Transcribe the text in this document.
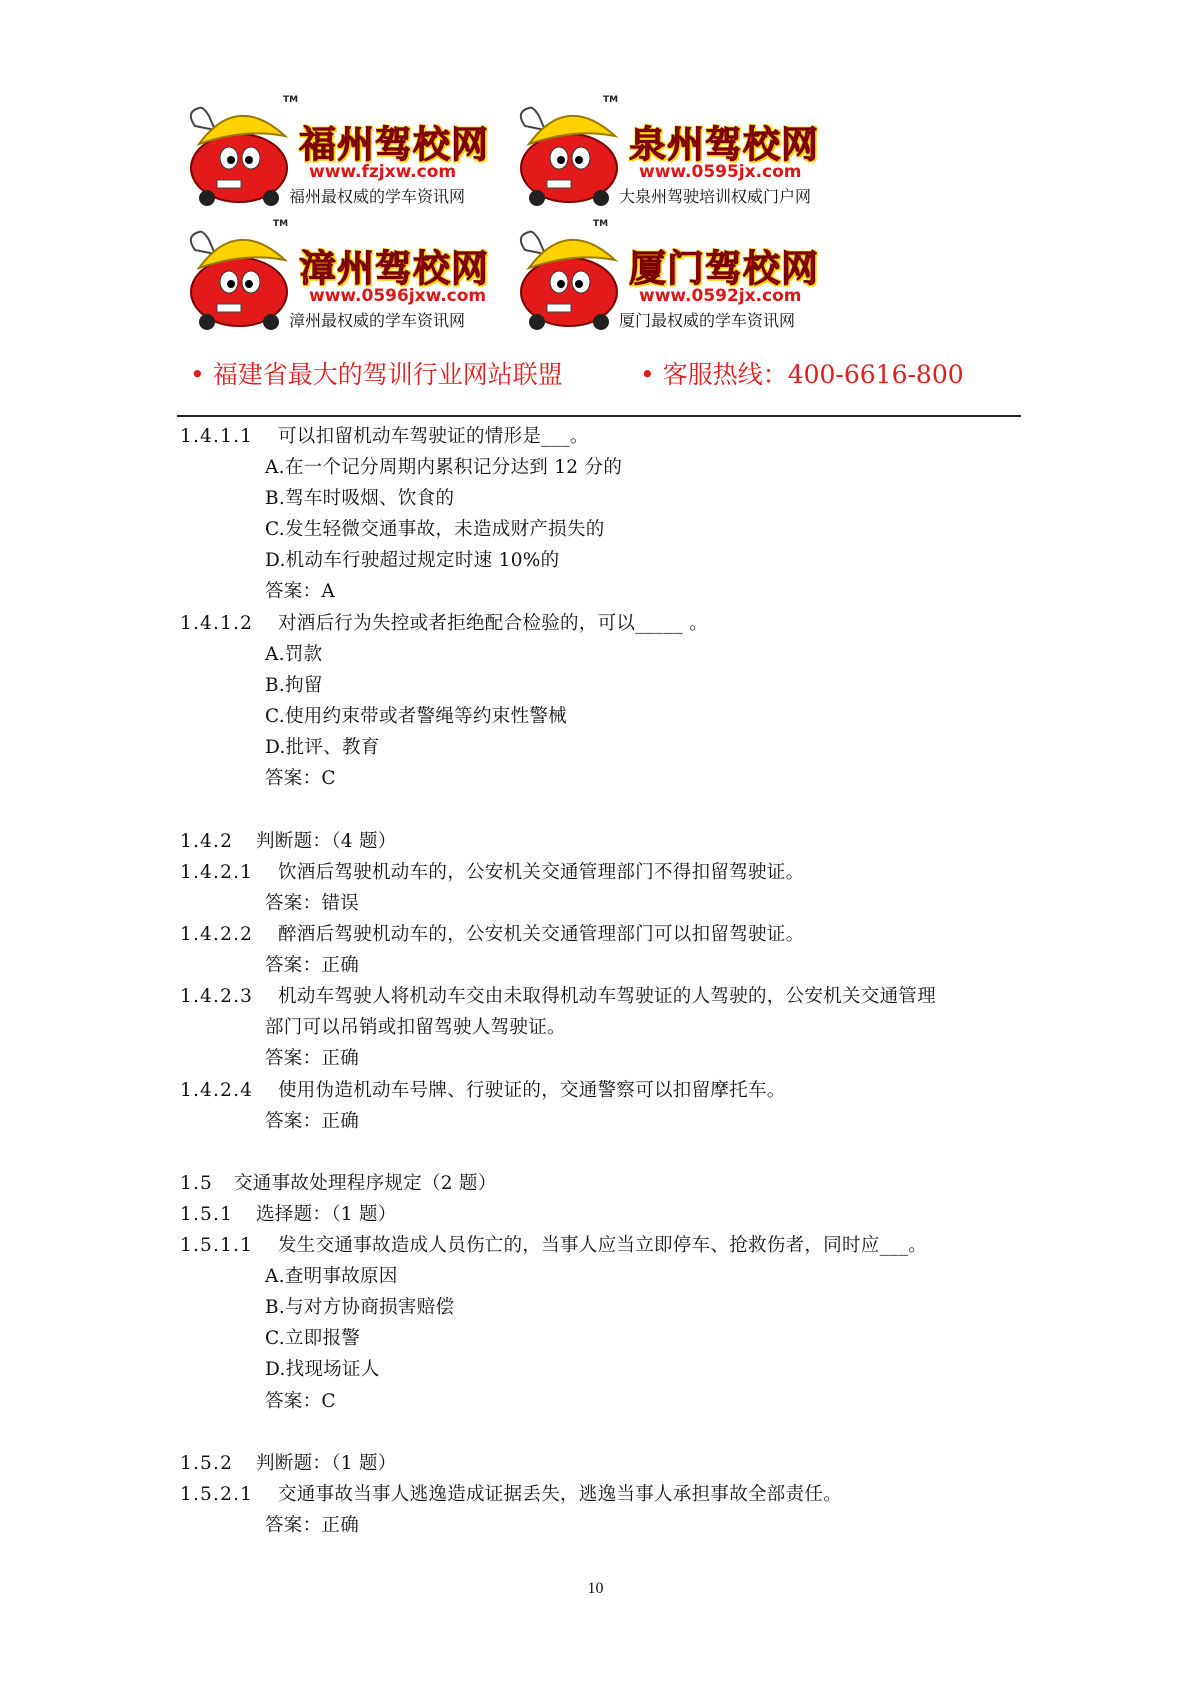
TM
福州驾校网
www.fzjxw.com
福州最权威的学车资讯网
TM
泉州驾校网
www.0595jx.com
大泉州驾驶培训权威门户网
TM
漳州驾校网
www.0596jxw.com
漳州最权威的学车资讯网
TM
厦门驾校网
www.0592jx.com
厦门最权威的学车资讯网
• 福建省最大的驾训行业网站联盟	• 客服热线：400-6616-800
1.4.1.1 可以扣留机动车驾驶证的情形是___。
A.在一个记分周期内累积记分达到 12 分的
B.驾车时吸烟、饮食的
C.发生轻微交通事故，未造成财产损失的
D.机动车行驶超过规定时速 10%的
答案：A
1.4.1.2 对酒后行为失控或者拒绝配合检验的，可以_____ 。
A.罚款
B.拘留
C.使用约束带或者警绳等约束性警械
D.批评、教育
答案：C
1.4.2 判断题：（4 题）
1.4.2.1 饮酒后驾驶机动车的，公安机关交通管理部门不得扣留驾驶证。
答案：错误
1.4.2.2 醉酒后驾驶机动车的，公安机关交通管理部门可以扣留驾驶证。
答案：正确
1.4.2.3 机动车驾驶人将机动车交由未取得机动车驾驶证的人驾驶的，公安机关交通管理
部门可以吊销或扣留驾驶人驾驶证。
答案：正确
1.4.2.4 使用伪造机动车号牌、行驶证的，交通警察可以扣留摩托车。
答案：正确
1.5 交通事故处理程序规定（2 题）
1.5.1 选择题：（1 题）
1.5.1.1 发生交通事故造成人员伤亡的，当事人应当立即停车、抢救伤者，同时应___。
A.查明事故原因
B.与对方协商损害赔偿
C.立即报警
D.找现场证人
答案：C
1.5.2 判断题：（1 题）
1.5.2.1 交通事故当事人逃逸造成证据丢失，逃逸当事人承担事故全部责任。
答案：正确
10
